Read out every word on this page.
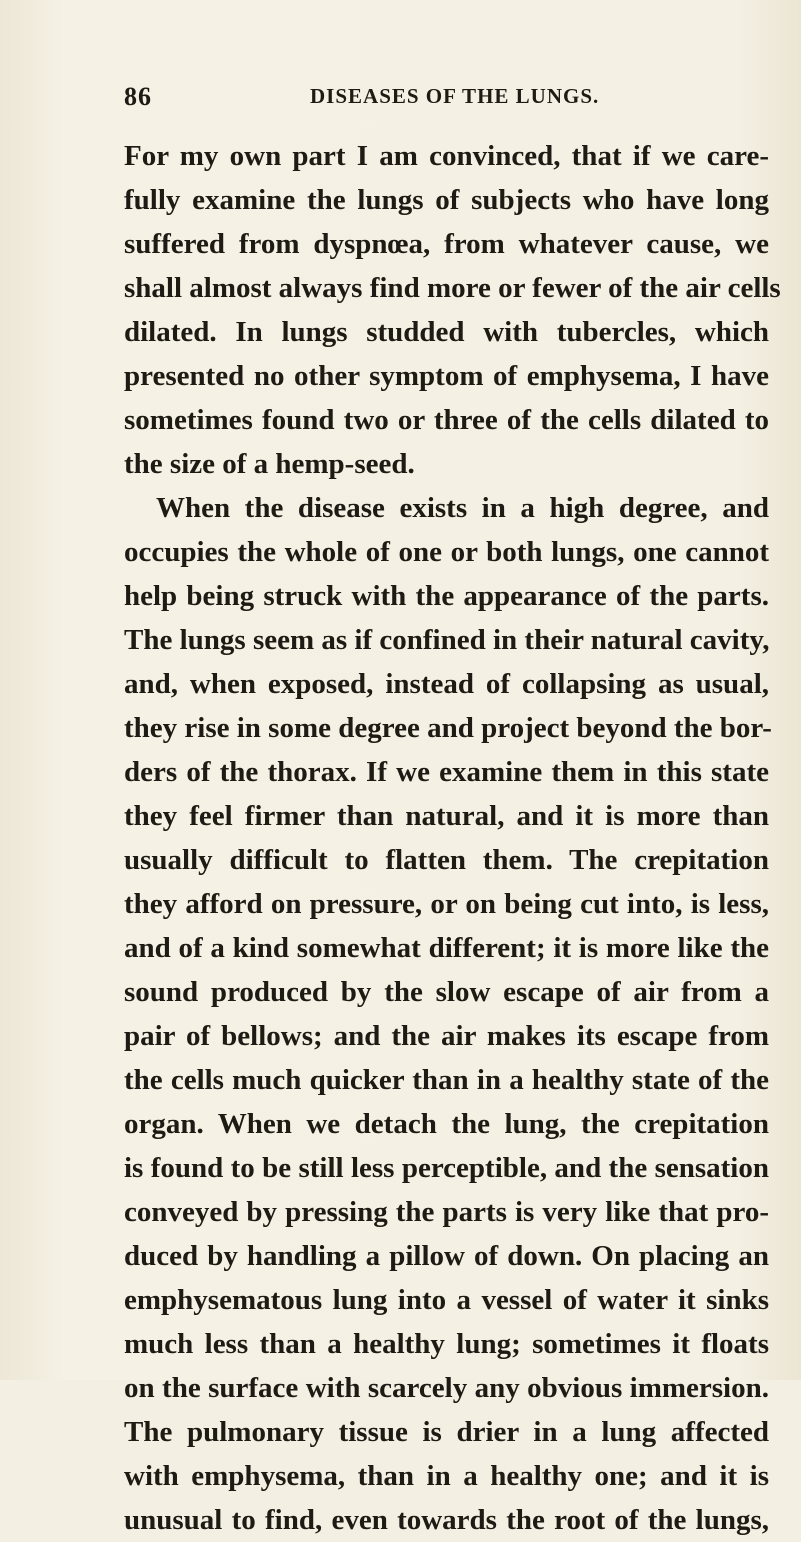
86	DISEASES OF THE LUNGS.
For my own part I am convinced, that if we care-
fully examine the lungs of subjects who have long
suffered from dyspnœa, from whatever cause, we
shall almost always find more or fewer of the air cells
dilated. In lungs studded with tubercles, which
presented no other symptom of emphysema, I have
sometimes found two or three of the cells dilated to
the size of a hemp-seed.
When the disease exists in a high degree, and
occupies the whole of one or both lungs, one cannot
help being struck with the appearance of the parts.
The lungs seem as if confined in their natural cavity,
and, when exposed, instead of collapsing as usual,
they rise in some degree and project beyond the bor-
ders of the thorax. If we examine them in this state
they feel firmer than natural, and it is more than
usually difficult to flatten them. The crepitation
they afford on pressure, or on being cut into, is less,
and of a kind somewhat different; it is more like the
sound produced by the slow escape of air from a
pair of bellows; and the air makes its escape from
the cells much quicker than in a healthy state of the
organ. When we detach the lung, the crepitation
is found to be still less perceptible, and the sensation
conveyed by pressing the parts is very like that pro-
duced by handling a pillow of down. On placing an
emphysematous lung into a vessel of water it sinks
much less than a healthy lung; sometimes it floats
on the surface with scarcely any obvious immersion.
The pulmonary tissue is drier in a lung affected
with emphysema, than in a healthy one; and it is
unusual to find, even towards the root of the lungs,
